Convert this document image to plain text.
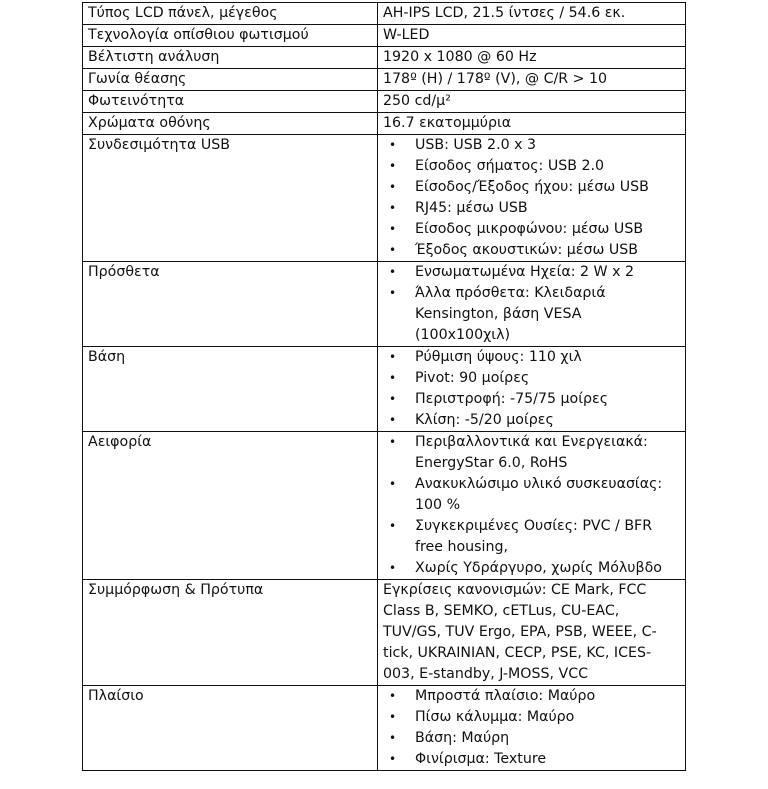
Τύπος LCD πάνελ, μέγεθος	AH-IPS LCD, 21.5 ίντσες / 54.6 εκ.
Τεχνολογία οπίσθιου φωτισμού	W-LED
Βέλτιστη ανάλυση	1920 x 1080 @ 60 Hz
Γωνία θέασης	178º (H) / 178º (V), @ C/R > 10
Φωτεινότητα	250 cd/μ²
Χρώματα οθόνης	16.7 εκατομμύρια
Συνδεσιμότητα USB	• USB: USB 2.0 x 3
• Είσοδος σήματος: USB 2.0
• Είσοδος/Έξοδος ήχου: μέσω USB
• RJ45: μέσω USB
• Είσοδος μικροφώνου: μέσω USB
• Έξοδος ακουστικών: μέσω USB

Πρόσθετα	• Ενσωματωμένα Ηχεία: 2 W x 2
• Άλλα πρόσθετα: Κλειδαριά Kensington, βάση VESA (100x100χιλ)

Βάση	• Ρύθμιση ύψους: 110 χιλ
• Pivot: 90 μοίρες
• Περιστροφή: -75/75 μοίρες
• Κλίση: -5/20 μοίρες

Αειφορία	• Περιβαλλοντικά και Ενεργειακά: EnergyStar 6.0, RoHS
• Ανακυκλώσιμο υλικό συσκευασίας: 100 %
• Συγκεκριμένες Ουσίες: PVC / BFR free housing,
• Χωρίς Υδράργυρο, χωρίς Μόλυβδο

Συμμόρφωση & Πρότυπα	Εγκρίσεις κανονισμών: CE Mark, FCC Class B, SEMKO, cETLus, CU-EAC, TUV/GS, TUV Ergo, EPA, PSB, WEEE, C-tick, UKRAINIAN, CECP, PSE, KC, ICES-003, E-standby, J-MOSS, VCC
Πλαίσιο	• Μπροστά πλαίσιο: Μαύρο
• Πίσω κάλυμμα: Μαύρο
• Βάση: Μαύρη
• Φινίρισμα: Texture
